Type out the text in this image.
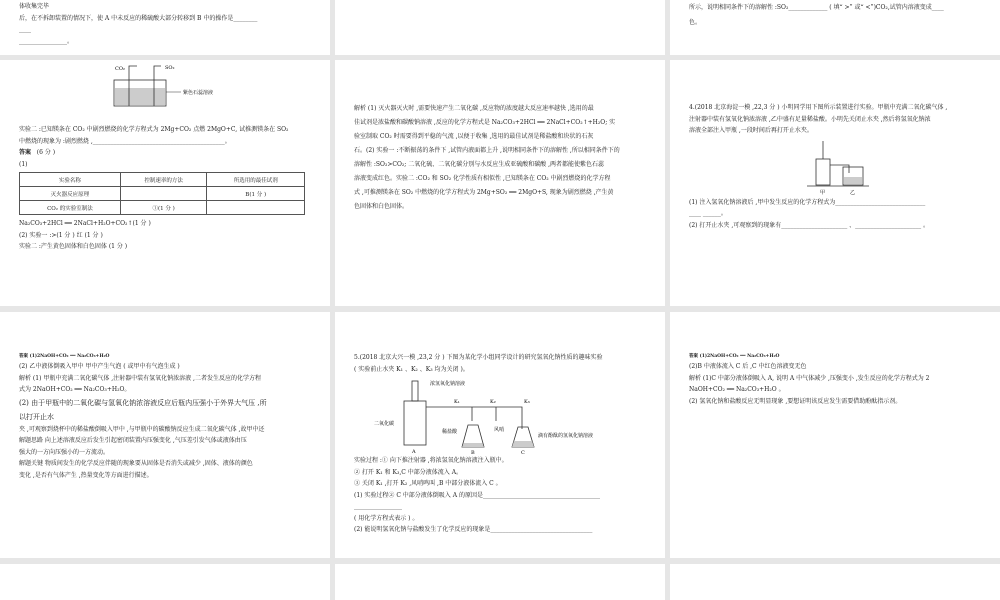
体收集完毕
后，在不拆卸装置的情况下，使 A 中未反应的稀硫酸大部分转移到 B 中的操作是________
____
________________。
所示，说明相同条件下的溶解性 :SO₂_____________ ( 填“ >” 或“ <”)CO₂,试管内溶液变成____
色。
CO₂	SO₂
紫色石蕊溶液
实验二 :已知镁条在 CO₂ 中剧烈燃烧的化学方程式为 2Mg+CO₂ 点燃 2MgO+C, 试推测镁条在 SO₂
中燃烧的现象为 :剧烈燃烧 ,____________________________________________。
答案 (6 分 )
(1)
实验名称	控制速率的方法	所选用的最佳试剂
灭火器反应原理		B(1 分 )
CO₂ 的实验室制法	①(1 分 )	
Na₂CO₃+2HCl ══ 2NaCl+H₂O+CO₂↑(1 分 )
(2) 实验一 :>(1 分 ) 红 (1 分 )
实验二 :产生黄色固体和白色固体 (1 分 )
解析 (1) 灭火器灭火时 ,需要快速产生二氧化碳 ,反应物的浓度越大反应速率越快 ,选用的最
佳试剂是浓盐酸和碳酸钠溶液 ,反应的化学方程式是 Na₂CO₃+2HCl ══ 2NaCl+CO₂↑+H₂O; 实
验室制取 CO₂ 时需要得到平稳的气流 ,以便于收集 ,选用的最佳试剂是稀盐酸和块状的石灰
石。(2) 实验一 :不断振荡的条件下 ,试管内液面都上升 ,说明相同条件下的溶解性 ,所以相同条件下的
溶解性 :SO₂>CO₂; 二氧化硫、二氧化碳分别与水反应生成亚硫酸和碳酸 ,两者都能使紫色石蕊
溶液变成红色。实验二 :CO₂ 和 SO₂ 化学性质有相似性 ,已知镁条在 CO₂ 中剧烈燃烧的化学方程
式 ,可推测镁条在 SO₂ 中燃烧的化学方程式为 2Mg+SO₂ ══ 2MgO+S, 现象为剧烈燃烧 ,产生黄
色固体和白色固体。
4.(2018 北京海淀一模 ,22,3 分 ) 小明同学用下图所示装置进行实验。甲瓶中充满二氧化碳气体 ,
注射器中装有氢氧化钠浓溶液 ,乙中盛有足量稀盐酸。小明先关闭止水夹 ,然后将氢氧化钠浓
溶液全部注入甲瓶 ,一段时间后再打开止水夹。
甲	乙
(1) 注入氢氧化钠溶液后 ,甲中发生反应的化学方程式为______________________________
____ ______。
(2) 打开止水夹 ,可观察到的现象有______________________ 、______________________ 。
答案 (1)2NaOH+CO₂ ══ Na₂CO₃+H₂O
(2) 乙中液体倒吸入甲中 甲中产生气泡 ( 或甲中有气泡生成 )
解析 (1) 甲瓶中充满二氧化碳气体 ,注射器中装有氢氧化钠浓溶液 ,二者发生反应的化学方程
式为 2NaOH+CO₂ ══ Na₂CO₃+H₂O。
(2) 由于甲瓶中的二氧化碳与氢氧化钠浓溶液反应后瓶内压强小于外界大气压 ,所
以打开止水
夹 ,可观察到烧杯中的稀盐酸倒吸入甲中 ,与甲瓶中的碳酸钠反应生成二氧化碳气体 ,故甲中还
解题思路 向上述溶液反应后发生引起密闭装置内压强变化 ,气压差引发气体或液体由压
强大的一方向压强小的一方流动。
解题关键 物质间发生的化学反应伴随的现象要从固体是否消失或减少 ,固体、液体的颜色
变化 ,是否有气体产生 ,热量变化等方面进行描述。
5.(2018 北京大兴一模 ,23,2 分 ) 下图为某化学小组同学设计的研究氢氧化钠性质的趣味实验
( 实验前止水夹 K₁ 、K₂ 、K₃ 均为关闭 )。
浓氢氧化钠溶液
K₁	K₂	K₃
二氧化碳
稀盐酸	风哨
滴有酚酞的氢氧化钠溶液
A	B	C
实验过程 :① 向下推注射器 ,将浓氢氧化钠溶液注入瓶中。
② 打开 K₁ 和 K₃,C 中部分液体流入 A。
③ 关闭 K₁ ,打开 K₂ ,风哨鸣叫 ,B 中部分液体流入 C 。
(1) 实验过程② C 中部分液体倒吸入 A 的原因是_______________________________________
________________
( 用化学方程式表示 ) 。
(2) 能说明氢氧化钠与盐酸发生了化学反应的现象是__________________________________
答案 (1)2NaOH+CO₂ ══ Na₂CO₃+H₂O
(2)B 中液体流入 C 后 ,C 中红色溶液变无色
解析 (1)C 中部分液体倒吸入 A, 说明 A 中气体减少 ,压强变小 ,发生反应的化学方程式为 2
NaOH+CO₂ ══ Na₂CO₃+H₂O 。
(2) 氢氧化钠和盐酸反应无明显现象 ,要想证明该反应发生需要借助酚酞指示剂。
